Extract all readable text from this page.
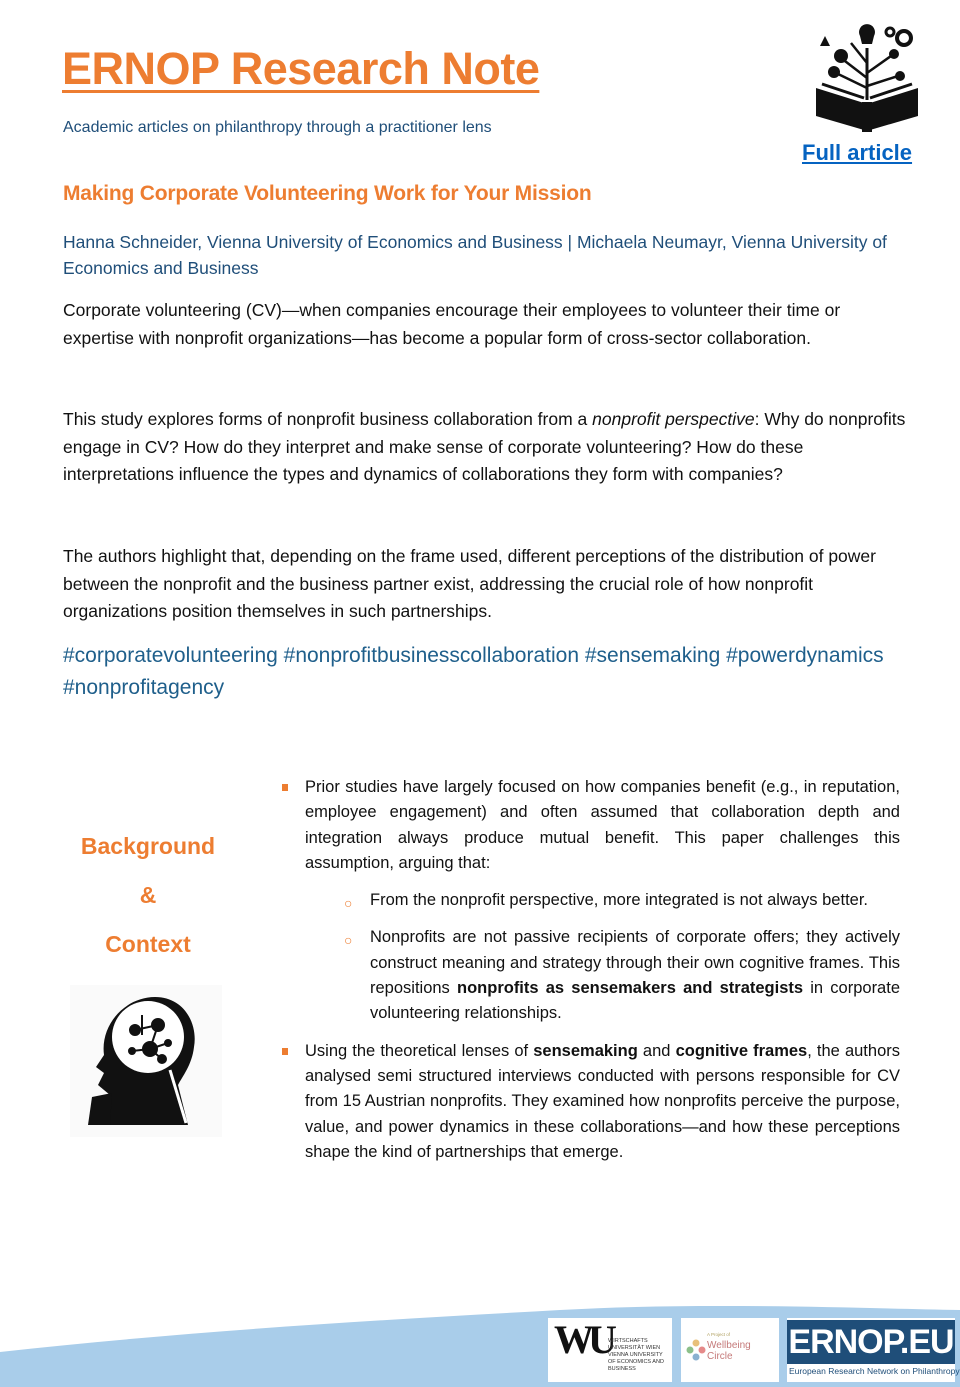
ERNOP Research Note

Academic articles on philanthropy through a practitioner lens

Full article
Making Corporate Volunteering Work for Your Mission

Hanna Schneider, Vienna University of Economics and Business | Michaela Neumayr, Vienna University of Economics and Business

Corporate volunteering (CV)—when companies encourage their employees to volunteer their time or expertise with nonprofit organizations—has become a popular form of cross-sector collaboration.

This study explores forms of nonprofit business collaboration from a nonprofit perspective: Why do nonprofits engage in CV? How do they interpret and make sense of corporate volunteering? How do these interpretations influence the types and dynamics of collaborations they form with companies?

The authors highlight that, depending on the frame used, different perceptions of the distribution of power between the nonprofit and the business partner exist, addressing the crucial role of how nonprofit organizations position themselves in such partnerships.

#corporatevolunteering #nonprofitbusinesscollaboration #sensemaking #powerdynamics #nonprofitagency

Background
&
Context
Prior studies have largely focused on how companies benefit (e.g., in reputation, employee engagement) and often assumed that collaboration depth and integration always produce mutual benefit. This paper challenges this assumption, arguing that:
○ From the nonprofit perspective, more integrated is not always better.
○ Nonprofits are not passive recipients of corporate offers; they actively construct meaning and strategy through their own cognitive frames. This repositions nonprofits as sensemakers and strategists in corporate volunteering relationships.
Using the theoretical lenses of sensemaking and cognitive frames, the authors analysed semi structured interviews conducted with persons responsible for CV from 15 Austrian nonprofits. They examined how nonprofits perceive the purpose, value, and power dynamics in these collaborations—and how these perceptions shape the kind of partnerships that emerge.
WU
WIRTSCHAFTS UNIVERSITÄT WIEN VIENNA UNIVERSITY OF ECONOMICS AND BUSINESS
A Project of
Wellbeing Circle	ERNOP.EU
European Research Network on Philanthropy
